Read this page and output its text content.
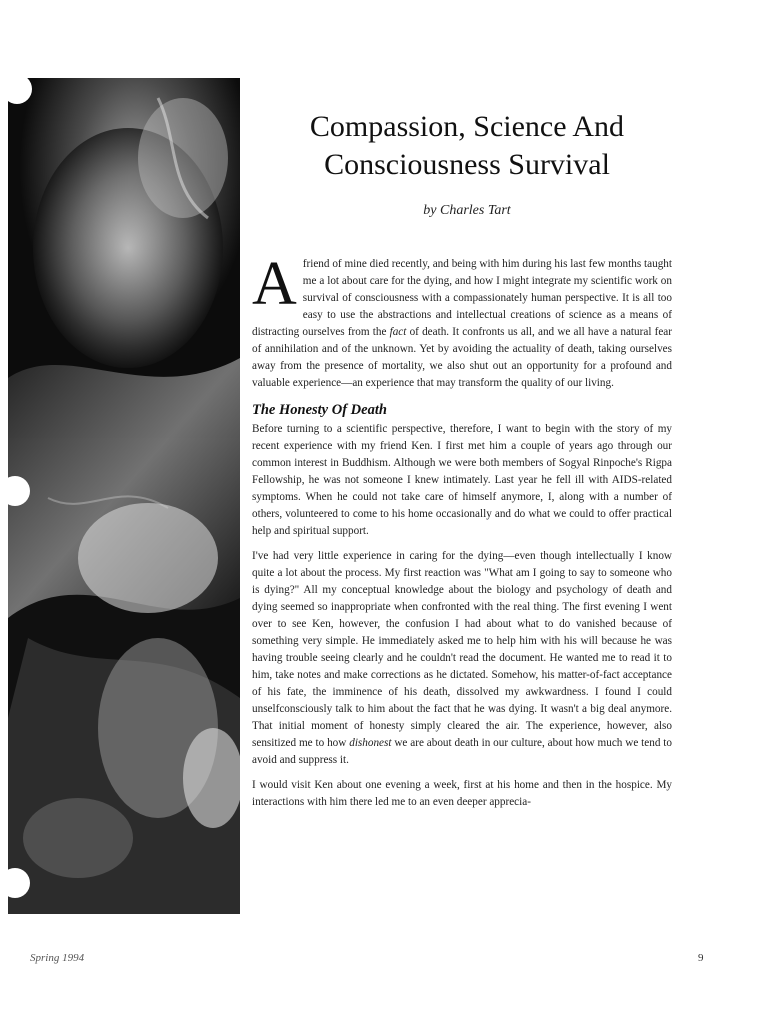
Compassion, Science And
Consciousness Survival

by Charles Tart

Afriend of mine died recently, and being with him during his last few months taught me a lot about care for the dying, and how I might integrate my scientific work on survival of consciousness with a compassionately human perspective. It is all too easy to use the abstractions and intellectual creations of science as a means of distracting ourselves from the fact of death. It confronts us all, and we all have a natural fear of annihilation and of the unknown. Yet by avoiding the actuality of death, taking ourselves away from the presence of mortality, we also shut out an opportunity for a profound and valuable experience—an experience that may transform the quality of our living.

The Honesty Of Death

Before turning to a scientific perspective, therefore, I want to begin with the story of my recent experience with my friend Ken. I first met him a couple of years ago through our common interest in Buddhism. Although we were both members of Sogyal Rinpoche's Rigpa Fellowship, he was not someone I knew intimately. Last year he fell ill with AIDS-related symptoms. When he could not take care of himself anymore, I, along with a number of others, volunteered to come to his home occasionally and do what we could to offer practical help and spiritual support.

I've had very little experience in caring for the dying—even though intellectually I know quite a lot about the process. My first reaction was "What am I going to say to someone who is dying?" All my conceptual knowledge about the biology and psychology of death and dying seemed so inappropriate when confronted with the real thing. The first evening I went over to see Ken, however, the confusion I had about what to do vanished because of something very simple. He immediately asked me to help him with his will because he was having trouble seeing clearly and he couldn't read the document. He wanted me to read it to him, take notes and make corrections as he dictated. Somehow, his matter-of-fact acceptance of his fate, the imminence of his death, dissolved my awkwardness. I found I could unselfconsciously talk to him about the fact that he was dying. It wasn't a big deal anymore. That initial moment of honesty simply cleared the air. The experience, however, also sensitized me to how dishonest we are about death in our culture, about how much we tend to avoid and suppress it.

I would visit Ken about one evening a week, first at his home and then in the hospice. My interactions with him there led me to an even deeper apprecia-

Spring 1994	9
